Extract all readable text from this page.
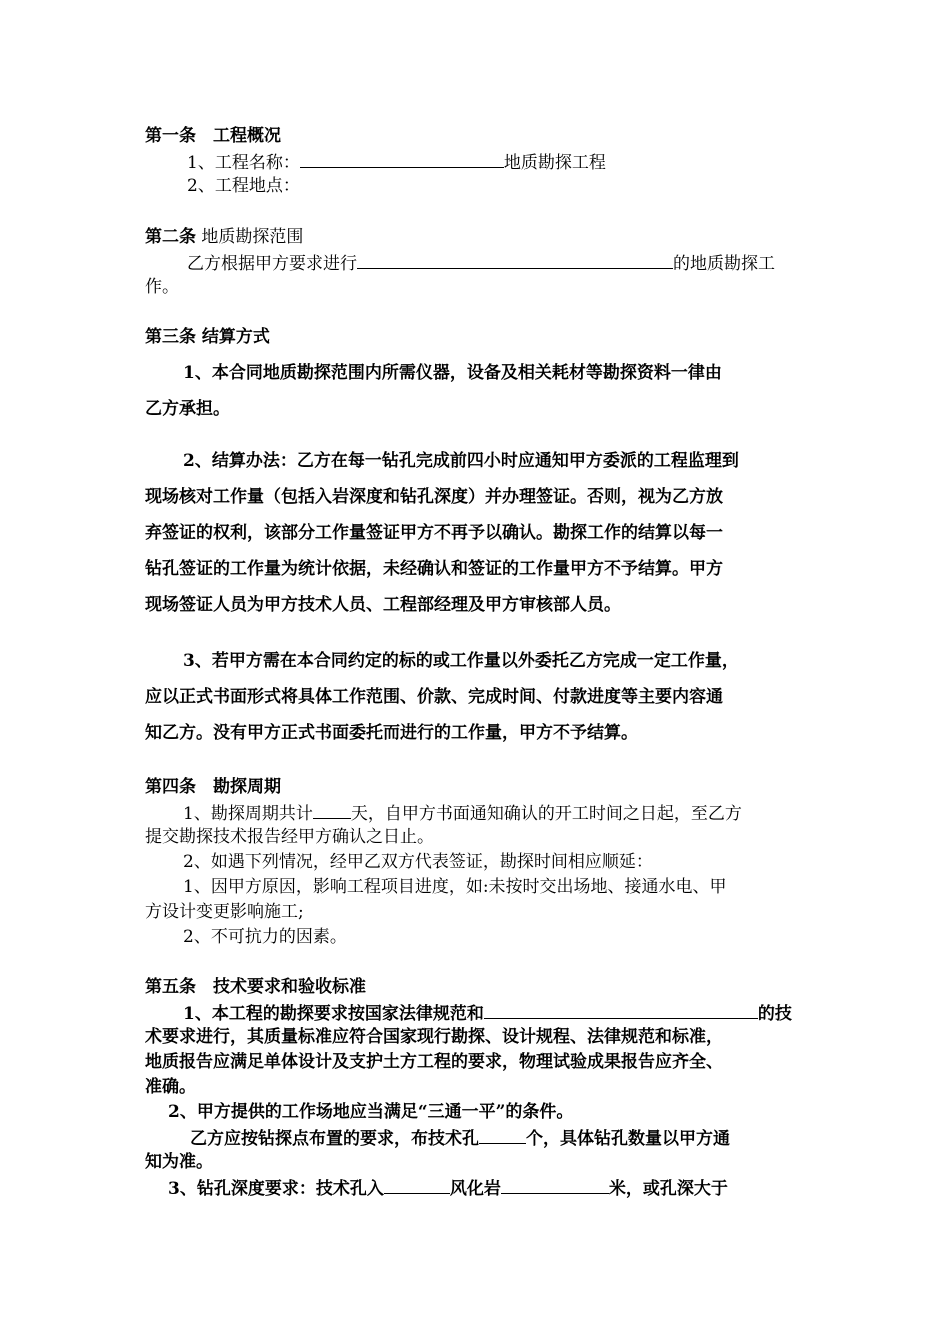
第一条　工程概况
1、工程名称：	地质勘探工程
2、工程地点：
第二条 地质勘探范围
乙方根据甲方要求进行	的地质勘探工
作。
第三条 结算方式
1、本合同地质勘探范围内所需仪器，设备及相关耗材等勘探资料一律由
乙方承担。
2、结算办法：乙方在每一钻孔完成前四小时应通知甲方委派的工程监理到
现场核对工作量（包括入岩深度和钻孔深度）并办理签证。否则，视为乙方放
弃签证的权利，该部分工作量签证甲方不再予以确认。勘探工作的结算以每一
钻孔签证的工作量为统计依据，未经确认和签证的工作量甲方不予结算。甲方
现场签证人员为甲方技术人员、工程部经理及甲方审核部人员。
3、若甲方需在本合同约定的标的或工作量以外委托乙方完成一定工作量，
应以正式书面形式将具体工作范围、价款、完成时间、付款进度等主要内容通
知乙方。没有甲方正式书面委托而进行的工作量，甲方不予结算。
第四条　勘探周期
1、勘探周期共计 天，自甲方书面通知确认的开工时间之日起，至乙方
提交勘探技术报告经甲方确认之日止。
2、如遇下列情况，经甲乙双方代表签证，勘探时间相应顺延：
1、因甲方原因，影响工程项目进度，如:未按时交出场地、接通水电、甲
方设计变更影响施工;
2、不可抗力的因素。
第五条　技术要求和验收标准
1、本工程的勘探要求按国家法律规范和	的技
术要求进行，其质量标准应符合国家现行勘探、设计规程、法律规范和标准，
地质报告应满足单体设计及支护土方工程的要求，物理试验成果报告应齐全、
准确。
2、甲方提供的工作场地应当满足“三通一平”的条件。
乙方应按钻探点布置的要求，布技术孔	个，具体钻孔数量以甲方通
知为准。
3、钻孔深度要求：技术孔入	风化岩	米，或孔深大于
